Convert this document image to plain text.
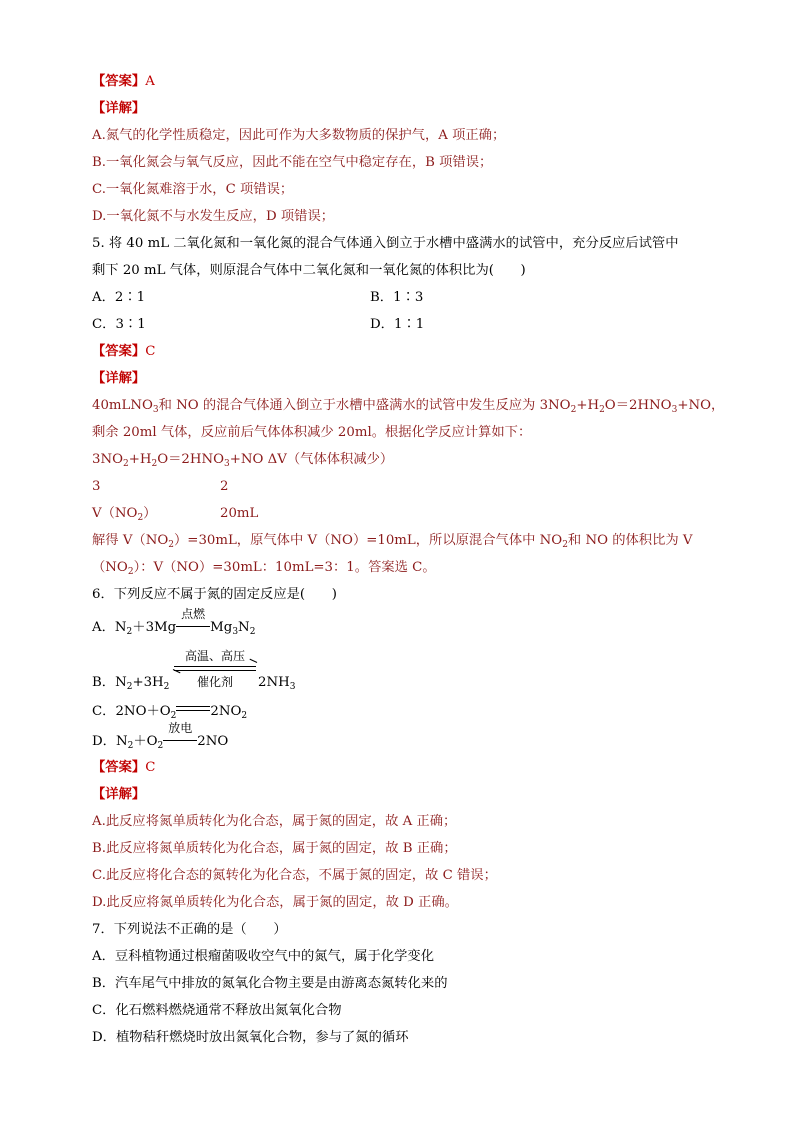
【答案】A
【详解】
A.氮气的化学性质稳定，因此可作为大多数物质的保护气，A 项正确；
B.一氧化氮会与氧气反应，因此不能在空气中稳定存在，B 项错误；
C.一氧化氮难溶于水，C 项错误；
D.一氧化氮不与水发生反应，D 项错误；
5. 将 40 mL 二氧化氮和一氧化氮的混合气体通入倒立于水槽中盛满水的试管中，充分反应后试管中
剩下 20 mL 气体，则原混合气体中二氧化氮和一氧化氮的体积比为(　　)
A．2∶1	B．1∶3
C．3∶1	D．1∶1
【答案】C
【详解】
40mLNO$_3$和 NO 的混合气体通入倒立于水槽中盛满水的试管中发生反应为 $3NO_2+H_2O=2HNO_3+NO$，
剩余 20ml 气体，反应前后气体体积减少 20ml。根据化学反应计算如下：
$3NO_2+H_2O=2HNO_3+NO$ ΔV（气体体积减少）
3	2
$V(NO_2)$	20mL
解得 $V(NO_2)=30mL$，原气体中 V（NO）=10mL，所以原混合气体中 $NO_2$和 NO 的体积比为 V
$(NO_2)$：V（NO）=30mL：10mL=3：1。答案选 C。
6．下列反应不属于氮的固定反应是(　　)
A．$N_2+3Mg$
点燃
$Mg_3N_2$
高温、高压
催化剂
B．$N_2+3H_2$	$2NH_3$
C．$2NO+O_2$	$2NO_2$
D．$N_2+O_2$
放电
2NO
【答案】C
【详解】
A.此反应将氮单质转化为化合态，属于氮的固定，故 A 正确；
B.此反应将氮单质转化为化合态，属于氮的固定，故 B 正确；
C.此反应将化合态的氮转化为化合态，不属于氮的固定，故 C 错误；
D.此反应将氮单质转化为化合态，属于氮的固定，故 D 正确。
7．下列说法不正确的是（　　）
A．豆科植物通过根瘤菌吸收空气中的氮气，属于化学变化
B．汽车尾气中排放的氮氧化合物主要是由游离态氮转化来的
C．化石燃料燃烧通常不释放出氮氧化合物
D．植物秸秆燃烧时放出氮氧化合物，参与了氮的循环
